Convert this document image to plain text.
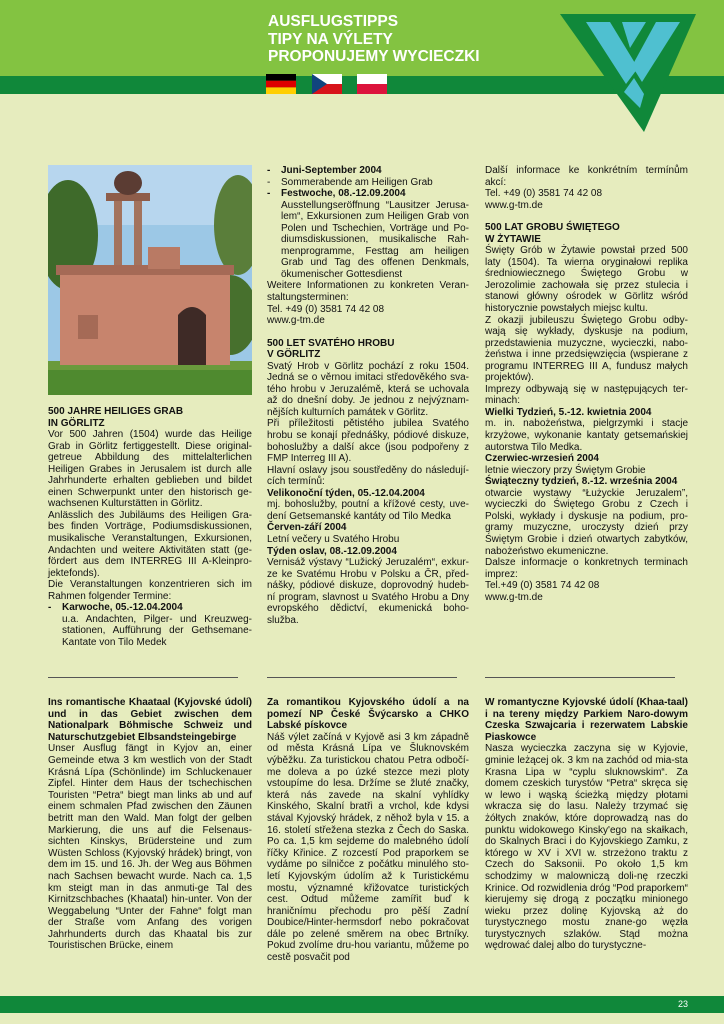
AUSFLUGSTIPPS
TIPY NA VÝLETY
PROPONUJEMY WYCIECZKI
500 JAHRE HEILIGES GRAB
IN GÖRLITZ

Vor 500 Jahren (1504) wurde das Heilige Grab in Görlitz fertiggestellt. Diese original-getreue Abbildung des mittelalterlichen Heiligen Grabes in Jerusalem ist durch alle Jahrhunderte erhalten geblieben und bildet einen Schwerpunkt unter den historisch ge-wachsenen Kulturstätten in Görlitz.

Anlässlich des Jubiläums des Heiligen Gra-bes finden Vorträge, Podiumsdiskussionen, musikalische Veranstaltungen, Exkursionen, Andachten und weitere Aktivitäten statt (ge-fördert aus dem INTERREG III A-Kleinpro-jektefonds).

Die Veranstaltungen konzentrieren sich im Rahmen folgender Termine:

- Karwoche, 05.-12.04.2004

u.a. Andachten, Pilger- und Kreuzweg-stationen, Aufführung der Gethsemane-Kantate von Tilo Medek

- Juni-September 2004
- Sommerabende am Heiligen Grab
- Festwoche, 08.-12.09.2004

Ausstellungseröffnung “Lausitzer Jerusa-lem“, Exkursionen zum Heiligen Grab von Polen und Tschechien, Vorträge und Po-diumsdiskussionen, musikalische Rah-menprogramme, Festtag am heiligen Grab und Tag des offenen Denkmals, ökumenischer Gottesdienst

Weitere Informationen zu konkreten Veran-staltungsterminen:

Tel. +49 (0) 3581 74 42 08

www.g-tm.de

500 LET SVATÉHO HROBU
V GÖRLITZ

Svatý Hrob v Görlitz pochází z roku 1504. Jedná se o věrnou imitaci středověkého sva-tého hrobu v Jeruzalémě, která se uchovala až do dnešní doby. Je jednou z nejvýznam-nějších kulturních památek v Görlitz.

Při příležitosti pětistého jubilea Svatého hrobu se konají přednášky, pódiové diskuze, bohoslužby a další akce (jsou podpořeny z FMP Interreg III A).

Hlavní oslavy jsou soustředěny do následují-cích termínů:

Velikonoční týden, 05.-12.04.2004

mj. bohoslužby, poutní a křížové cesty, uve-dení Getsemanské kantáty od Tilo Medka

Červen-září 2004

Letní večery u Svatého Hrobu

Týden oslav, 08.-12.09.2004

Vernisáž výstavy “Lužický Jeruzalém“, exkur-ze ke Svatému Hrobu v Polsku a ČR, před-nášky, pódiové diskuze, doprovodný hudeb-ní program, slavnost u Svatého Hrobu a Dny evropského dědictví, ekumenická boho-služba.

Další informace ke konkrétním termínům akcí:

Tel. +49 (0) 3581 74 42 08

www.g-tm.de

500 LAT GROBU ŚWIĘTEGO
W ŻYTAWIE

Święty Grób w Żytawie powstał przed 500 laty (1504). Ta wierna oryginałowi replika średniowiecznego Świętego Grobu w Jerozolimie zachowała się przez stulecia i stanowi główny ośrodek w Görlitz wśród historycznie powstałych miejsc kultu.

Z okazji jubileuszu Świętego Grobu odby-wają się wykłady, dyskusje na podium, przedstawienia muzyczne, wycieczki, nabo-żeństwa i inne przedsięwzięcia (wspierane z programu INTERREG III A, fundusz małych projektów).

Imprezy odbywają się w następujących ter-minach:

Wielki Tydzień, 5.-12. kwietnia 2004

m. in. nabożeństwa, pielgrzymki i stacje krzyżowe, wykonanie kantaty getsemańskiej autorstwa Tilo Medka.

Czerwiec-wrzesień 2004

letnie wieczory przy Świętym Grobie

Świąteczny tydzień, 8.-12. września 2004

otwarcie wystawy “Łużyckie Jeruzalem”, wycieczki do Świętego Grobu z Czech i Polski, wykłady i dyskusje na podium, pro-gramy muzyczne, uroczysty dzień przy Świętym Grobie i dzień otwartych zabytków, nabożeństwo ekumeniczne.

Dalsze informacje o konkretnych terminach imprez:

Tel.+49 (0) 3581 74 42 08

www.g-tm.de

Ins romantische Khaataal (Kyjovské údolí) und in das Gebiet zwischen dem Nationalpark Böhmische Schweiz und Naturschutzgebiet Elbsandsteingebirge

Unser Ausflug fängt in Kyjov an, einer Gemeinde etwa 3 km westlich von der Stadt Krásná Lípa (Schönlinde) im Schluckenauer Zipfel. Hinter dem Haus der tschechischen Touristen “Petra“ biegt man links ab und auf einem schmalen Pfad zwischen den Zäunen betritt man den Wald. Man folgt der gelben Markierung, die uns auf die Felsenaus-sichten Kinskys, Brüdersteine und zum Wüsten Schloss (Kyjovský hrádek) bringt, von dem im 15. und 16. Jh. der Weg aus Böhmen nach Sachsen bewacht wurde. Nach ca. 1,5 km steigt man in das anmuti-ge Tal des Kirnitzschbaches (Khaatal) hin-unter. Von der Weggabelung “Unter der Fahne“ folgt man der Straße vom Anfang des vorigen Jahrhunderts durch das Khaatal bis zur Touristischen Brücke, einem

Za romantikou Kyjovského údolí a na pomezí NP České Švýcarsko a CHKO Labské pískovce

Náš výlet začíná v Kyjově asi 3 km západně od města Krásná Lípa ve Šluknovském výběžku. Za turistickou chatou Petra odbočí-me doleva a po úzké stezce mezi ploty vstoupíme do lesa. Držíme se žluté značky, která nás zavede na skalní vyhlídky Kinského, Skalní bratři a vrchol, kde kdysi stával Kyjovský hrádek, z něhož byla v 15. a 16. století střežena stezka z Čech do Saska. Po ca. 1,5 km sejdeme do malebného údolí říčky Křinice. Z rozcestí Pod praporkem se vydáme po silničce z počátku minulého sto-letí Kyjovským údolím až k Turistickému mostu, významné křižovatce turistických cest. Odtud můžeme zamířit buď k hraničnímu přechodu pro pěší Zadní Doubice/Hinter-hermsdorf nebo pokračovat dále po zelené směrem na obec Brtníky. Pokud zvolíme dru-hou variantu, můžeme po cestě posvačit pod

W romantyczne Kyjovské údolí (Khaa-taal) i na tereny między Parkiem Naro-dowym Czeska Szwajcaria i rezerwatem Labskie Piaskowce

Nasza wycieczka zaczyna się w Kyjovie, gminie leżącej ok. 3 km na zachód od mia-sta Krasna Lipa w “cyplu sluknowskim“. Za domem czeskich turystów “Petra“ skręca się w lewo i wąską ścieżką między płotami wkracza się do lasu. Należy trzymać się żółtych znaków, które doprowadzą nas do punktu widokowego Kinsky'ego na skałkach, do Skalnych Braci i do Kyjovskiego Zamku, z którego w XV i XVI w. strzeżono traktu z Czech do Saksonii. Po około 1,5 km schodzimy w malowniczą doli-nę rzeczki Krinice. Od rozwidlenia dróg “Pod praporkem“ kierujemy się drogą z początku minionego wieku przez dolinę Kyjovską aż do turystycznego mostu znane-go węzła turystycznych szlaków. Stąd można wędrować dalej albo do turystyczne-

23
